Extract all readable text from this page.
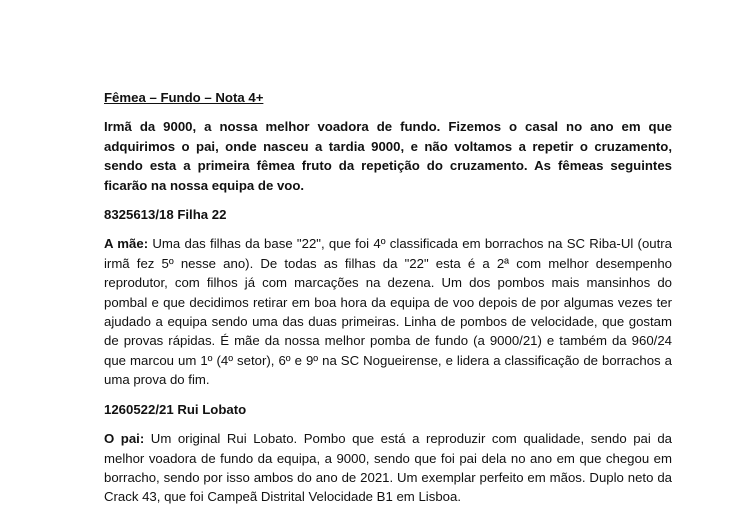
Fêmea – Fundo – Nota 4+

Irmã da 9000, a nossa melhor voadora de fundo. Fizemos o casal no ano em que adquirimos o pai, onde nasceu a tardia 9000, e não voltamos a repetir o cruzamento, sendo esta a primeira fêmea fruto da repetição do cruzamento. As fêmeas seguintes ficarão na nossa equipa de voo.

8325613/18 Filha 22

A mãe: Uma das filhas da base "22", que foi 4º classificada em borrachos na SC Riba-Ul (outra irmã fez 5º nesse ano). De todas as filhas da "22" esta é a 2ª com melhor desempenho reprodutor, com filhos já com marcações na dezena. Um dos pombos mais mansinhos do pombal e que decidimos retirar em boa hora da equipa de voo depois de por algumas vezes ter ajudado a equipa sendo uma das duas primeiras. Linha de pombos de velocidade, que gostam de provas rápidas. É mãe da nossa melhor pomba de fundo (a 9000/21) e também da 960/24 que marcou um 1º (4º setor), 6º e 9º na SC Nogueirense, e lidera a classificação de borrachos a uma prova do fim.

1260522/21 Rui Lobato

O pai: Um original Rui Lobato. Pombo que está a reproduzir com qualidade, sendo pai da melhor voadora de fundo da equipa, a 9000, sendo que foi pai dela no ano em que chegou em borracho, sendo por isso ambos do ano de 2021. Um exemplar perfeito em mãos. Duplo neto da Crack 43, que foi Campeã Distrital Velocidade B1 em Lisboa.
